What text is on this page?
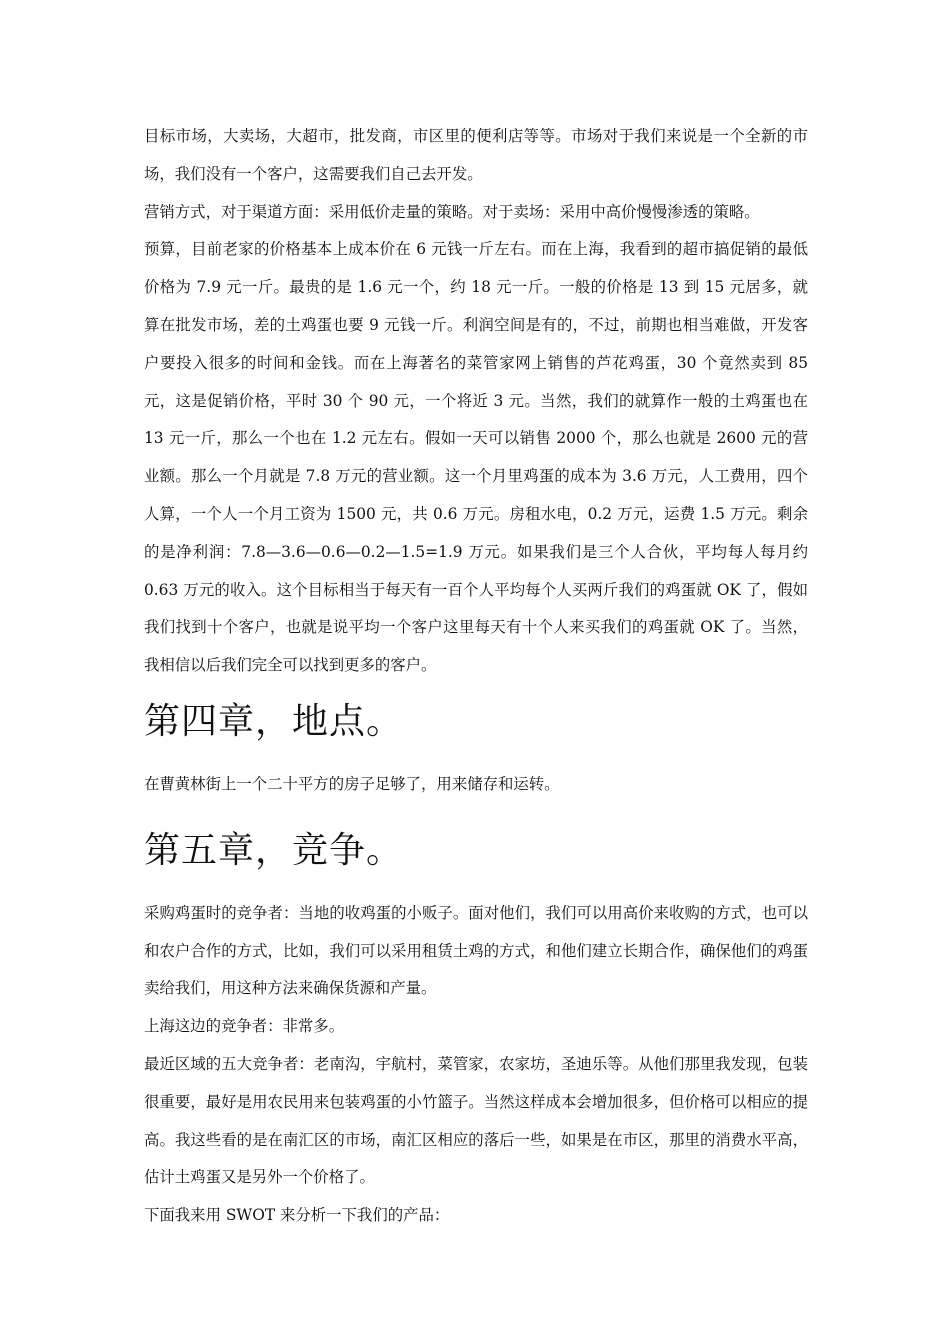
目标市场，大卖场，大超市，批发商，市区里的便利店等等。市场对于我们来说是一个全新的市场，我们没有一个客户，这需要我们自己去开发。

营销方式，对于渠道方面：采用低价走量的策略。对于卖场：采用中高价慢慢渗透的策略。

预算，目前老家的价格基本上成本价在 6 元钱一斤左右。而在上海，我看到的超市搞促销的最低价格为 7.9 元一斤。最贵的是 1.6 元一个，约 18 元一斤。一般的价格是 13 到 15 元居多，就算在批发市场，差的土鸡蛋也要 9 元钱一斤。利润空间是有的，不过，前期也相当难做，开发客户要投入很多的时间和金钱。而在上海著名的菜管家网上销售的芦花鸡蛋，30 个竟然卖到 85 元，这是促销价格，平时 30 个 90 元，一个将近 3 元。当然，我们的就算作一般的土鸡蛋也在 13 元一斤，那么一个也在 1.2 元左右。假如一天可以销售 2000 个，那么也就是 2600 元的营业额。那么一个月就是 7.8 万元的营业额。这一个月里鸡蛋的成本为 3.6 万元，人工费用，四个人算，一个人一个月工资为 1500 元，共 0.6 万元。房租水电，0.2 万元，运费 1.5 万元。剩余的是净利润：7.8—3.6—0.6—0.2—1.5=1.9 万元。如果我们是三个人合伙，平均每人每月约 0.63 万元的收入。这个目标相当于每天有一百个人平均每个人买两斤我们的鸡蛋就 OK 了，假如我们找到十个客户，也就是说平均一个客户这里每天有十个人来买我们的鸡蛋就 OK 了。当然，我相信以后我们完全可以找到更多的客户。

第四章，地点。

在曹黄林街上一个二十平方的房子足够了，用来储存和运转。

第五章，竞争。

采购鸡蛋时的竞争者：当地的收鸡蛋的小贩子。面对他们，我们可以用高价来收购的方式，也可以和农户合作的方式，比如，我们可以采用租赁土鸡的方式，和他们建立长期合作，确保他们的鸡蛋卖给我们，用这种方法来确保货源和产量。

上海这边的竞争者：非常多。

最近区域的五大竞争者：老南沟，宇航村，菜管家，农家坊，圣迪乐等。从他们那里我发现，包装很重要，最好是用农民用来包装鸡蛋的小竹篮子。当然这样成本会增加很多，但价格可以相应的提高。我这些看的是在南汇区的市场，南汇区相应的落后一些，如果是在市区，那里的消费水平高，估计土鸡蛋又是另外一个价格了。

下面我来用 SWOT 来分析一下我们的产品：
